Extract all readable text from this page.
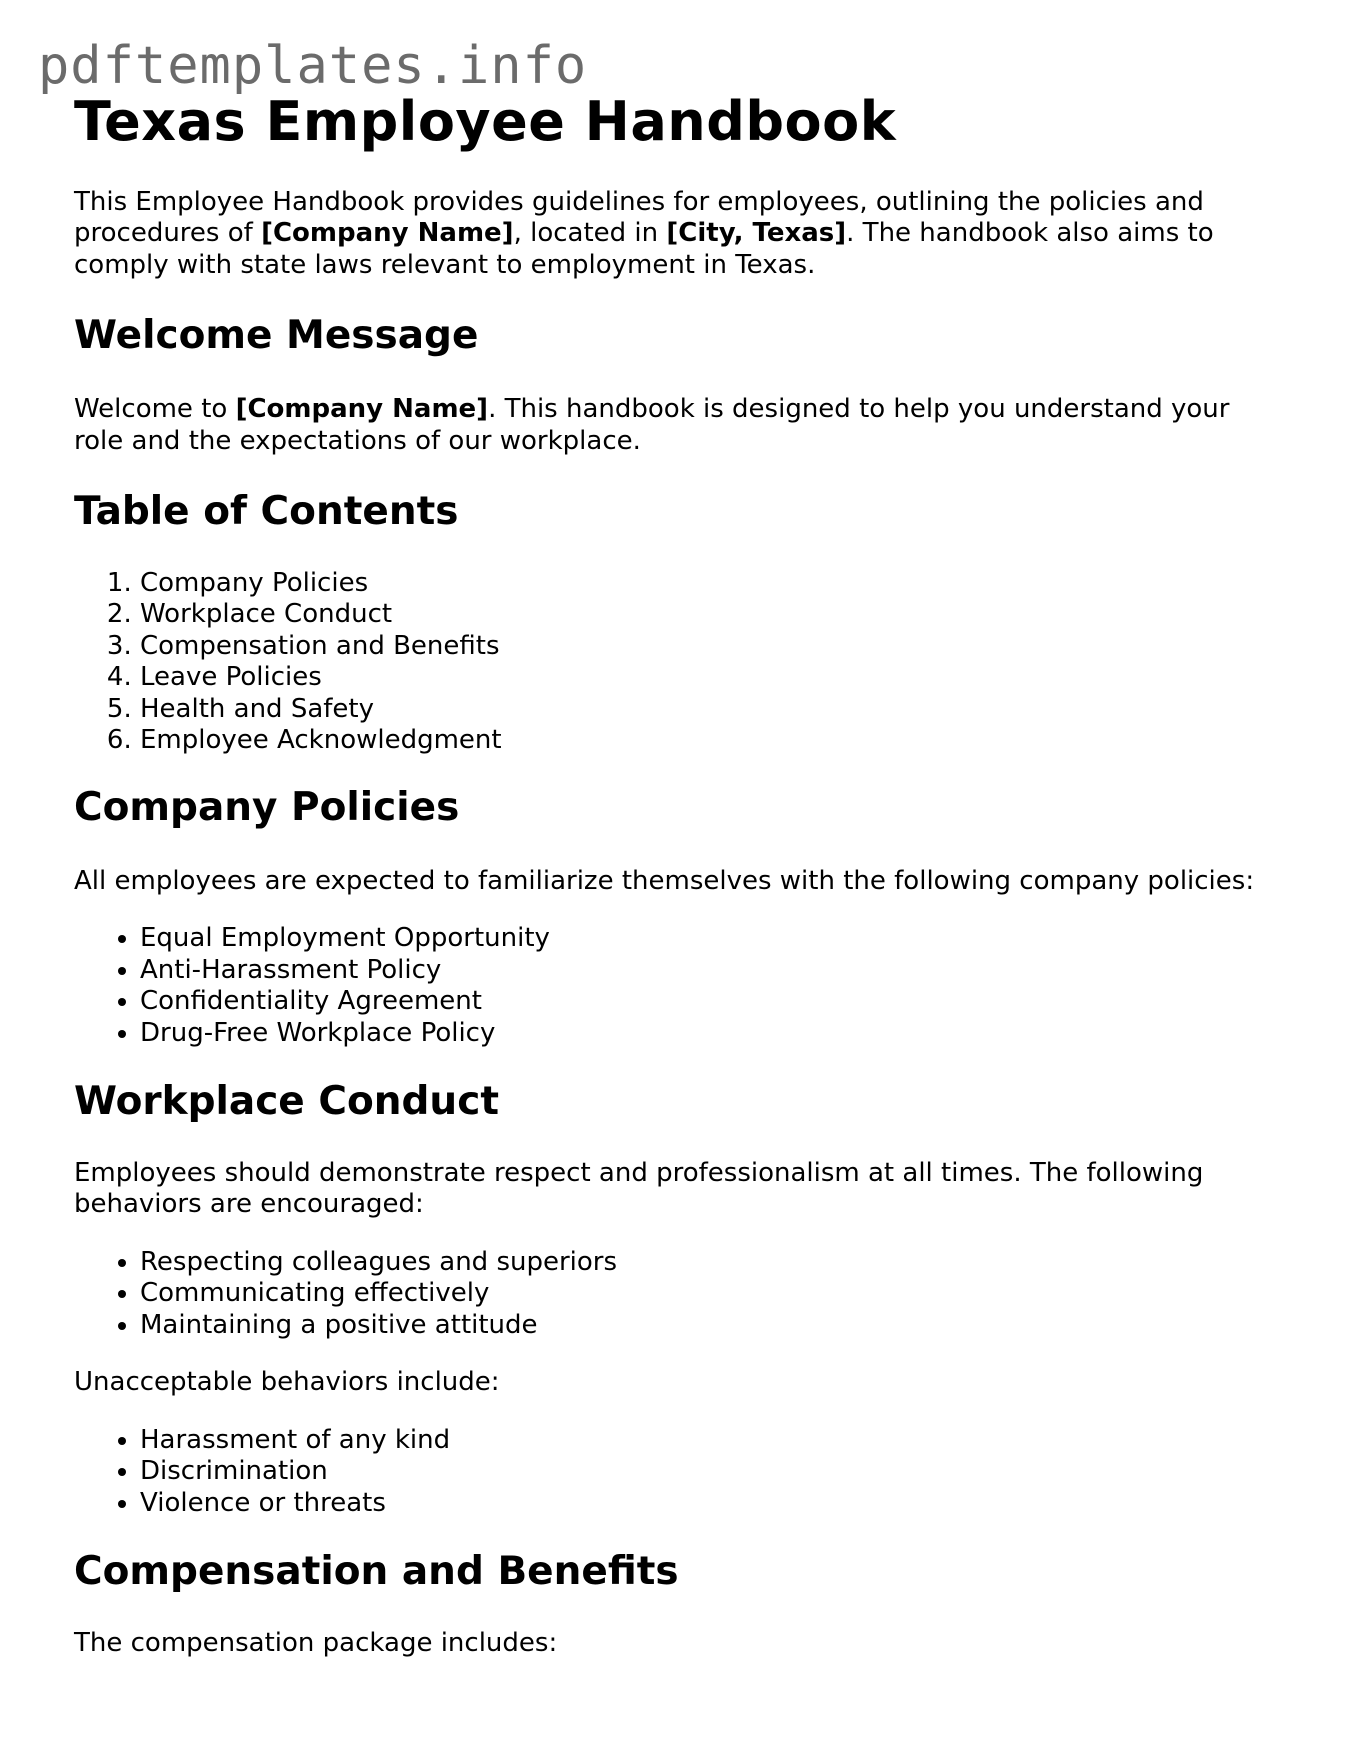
pdftemplates.info
Texas Employee Handbook

This Employee Handbook provides guidelines for employees, outlining the policies and procedures of [Company Name], located in [City, Texas]. The handbook also aims to comply with state laws relevant to employment in Texas.

Welcome Message

Welcome to [Company Name]. This handbook is designed to help you understand your role and the expectations of our workplace.

Table of Contents
1. Company Policies
2. Workplace Conduct
3. Compensation and Benefits
4. Leave Policies
5. Health and Safety
6. Employee Acknowledgment
Company Policies

All employees are expected to familiarize themselves with the following company policies:

• Equal Employment Opportunity
• Anti-Harassment Policy
• Confidentiality Agreement
• Drug-Free Workplace Policy
Workplace Conduct

Employees should demonstrate respect and professionalism at all times. The following behaviors are encouraged:

• Respecting colleagues and superiors
• Communicating effectively
• Maintaining a positive attitude

Unacceptable behaviors include:

• Harassment of any kind
• Discrimination
• Violence or threats
Compensation and Benefits

The compensation package includes:
